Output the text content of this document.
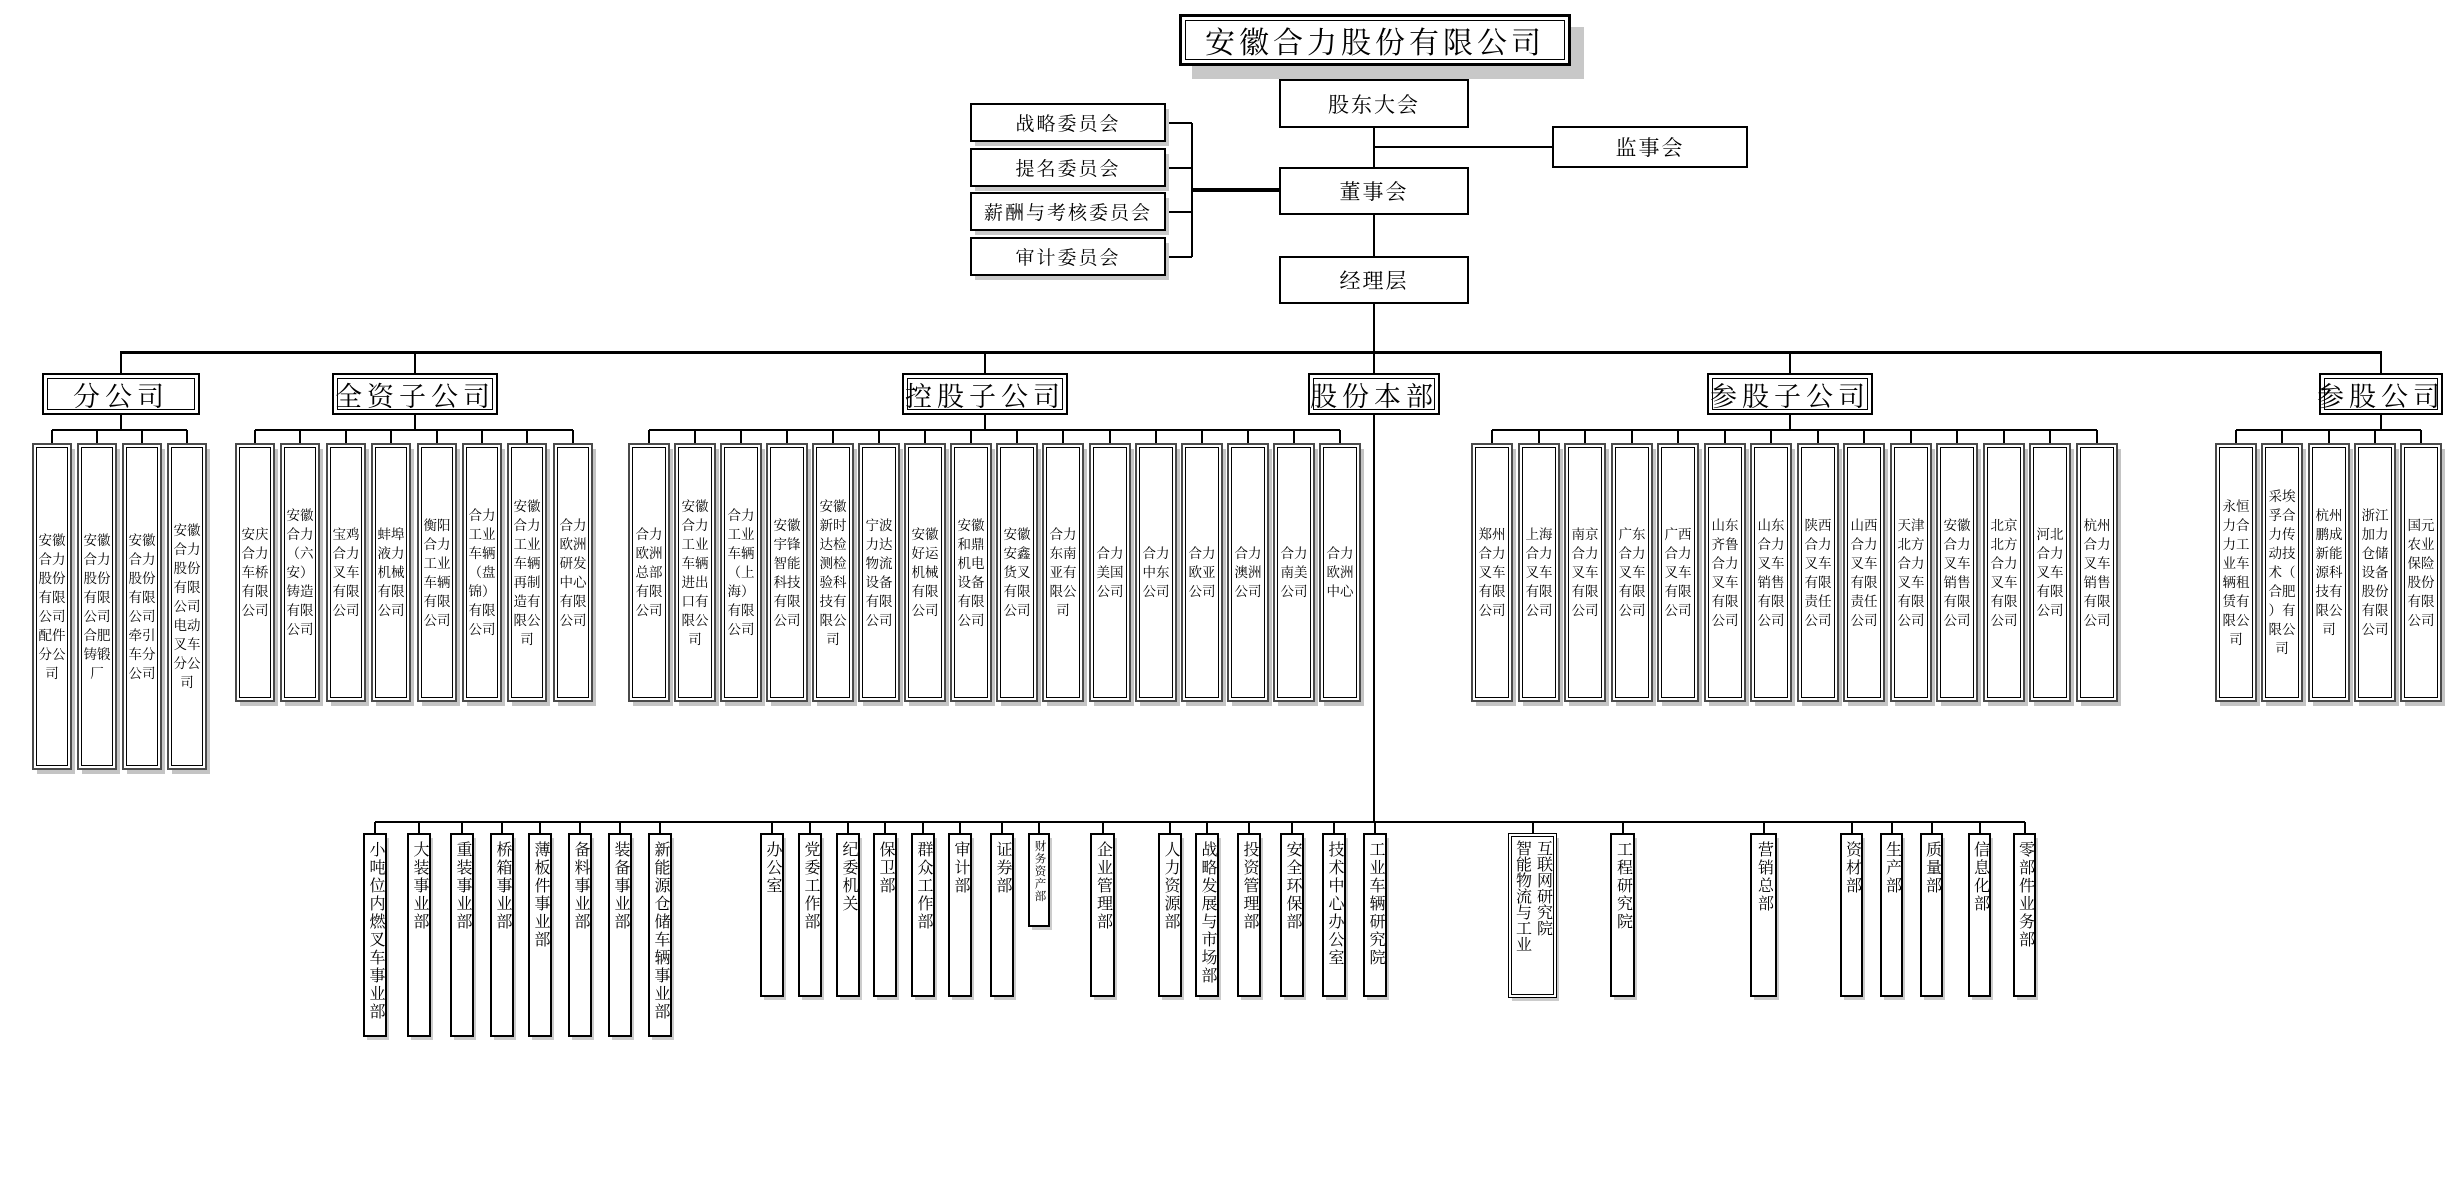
安徽合力股份有限公司
股东大会
监事会
董事会
经理层
战略委员会
提名委员会
薪酬与考核委员会
审计委员会
安徽合力股份有限公司配件分公司
安徽合力股份有限公司合肥铸锻厂
安徽合力股份有限公司牵引车分公司
安徽合力股份有限公司电动叉车分公司
分公司
安庆合力车桥有限公司
安徽合力（六安）铸造有限公司
宝鸡合力叉车有限公司
蚌埠液力机械有限公司
衡阳合力工业车辆有限公司
合力工业车辆（盘锦）有限公司
安徽合力工业车辆再制造有限公司
合力欧洲研发中心有限公司
全资子公司
合力欧洲总部有限公司
安徽合力工业车辆进出口有限公司
合力工业车辆（上海）有限公司
安徽宇锋智能科技有限公司
安徽新时达检测检验科技有限公司
宁波力达物流设备有限公司
安徽好运机械有限公司
安徽和鼎机电设备有限公司
安徽安鑫货叉有限公司
合力东南亚有限公司
合力美国公司
合力中东公司
合力欧亚公司
合力澳洲公司
合力南美公司
合力欧洲中心
控股子公司	股份本部
郑州合力叉车有限公司
上海合力叉车有限公司
南京合力叉车有限公司
广东合力叉车有限公司
广西合力叉车有限公司
山东齐鲁合力叉车有限公司
山东合力叉车销售有限公司
陕西合力叉车有限责任公司
山西合力叉车有限责任公司
天津北方合力叉车有限公司
安徽合力叉车销售有限公司
北京北方合力叉车有限公司
河北合力叉车有限公司
杭州合力叉车销售有限公司
参股子公司
永恒力合力工业车辆租赁有限公司
采埃孚合力传动技术（合肥）有限公司
杭州鹏成新能源科技有限公司
浙江加力仓储设备股份有限公司
国元农业保险股份有限公司
参股公司
小吨位内燃叉车事业部 大装事业部 重装事业部 桥箱事业部 薄板件事业部 备料事业部 装备事业部 新能源仓储车辆事业部	办公室 党委工作部 纪委机关 保卫部 群众工作部 审计部 证券部 财务资产部	企业管理部	人力资源部 战略发展与市场部 投资管理部 安全环保部 技术中心办公室 工业车辆研究院	智能物流与工业互联网研究院	工程研究院	营销总部	资材部 生产部 质量部 信息化部 零部件业务部
